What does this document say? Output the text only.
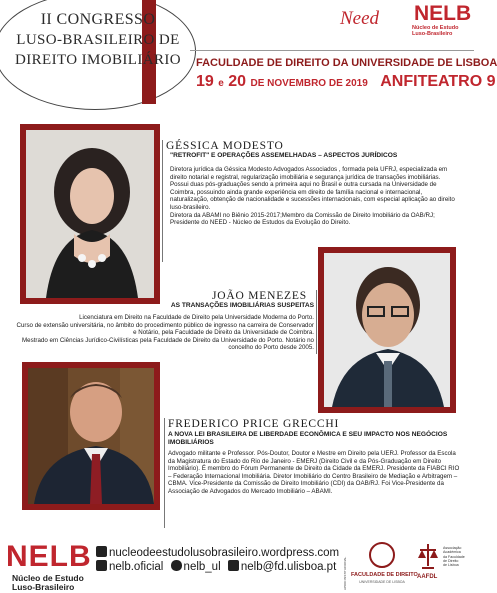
II CONGRESSO
LUSO-BRASILEIRO DE
DIREITO IMOBILIÁRIO
Need NELB
Núcleo de Estudo
Luso-Brasileiro
FACULDADE DE DIREITO DA UNIVERSIDADE DE LISBOA
19 e 20 DE NOVEMBRO DE 2019 ANFITEATRO 9
GÉSSICA MODESTO
"RETROFIT" E OPERAÇÕES ASSEMELHADAS – ASPECTOS JURÍDICOS

Diretora jurídica da Géssica Modesto Advogados Associados , formada pela UFRJ, especializada em direito notarial e registral, regularização imobiliária e segurança jurídica de transações imobiliárias.

Possui duas pós-graduações sendo a primeira aqui no Brasil e outra cursada na Universidade de Coimbra, possuindo ainda grande experiência em direito de família nacional e internacional, naturalização, obtenção de nacionalidade e sucessões internacionais, com especial aplicação ao direito luso-brasileiro.

Diretora da ABAMI no Biênio 2015-2017;Membro da Comissão de Direito Imobiliário da OAB/RJ; Presidente do NEED - Núcleo de Estudos da Evolução do Direito.

JOÃO MENEZES
AS TRANSAÇÕES IMOBILIÁRIAS SUSPEITAS

Licenciatura em Direito na Faculdade de Direito pela Universidade Moderna do Porto.

Curso de extensão universitária, no âmbito do procedimento público de ingresso na carreira de Conservador e Notário, pela Faculdade de Direito da Universidade de Coimbra.

Mestrado em Ciências Jurídico-Civilísticas pela Faculdade de Direito da Universidade do Porto. Notário no concelho do Porto desde 2005.

FREDERICO PRICE GRECCHI
A NOVA LEI BRASILEIRA DE LIBERDADE ECONÔMICA E SEU IMPACTO NOS NEGÓCIOS IMOBILIÁRIOS

Advogado militante e Professor. Pós-Doutor, Doutor e Mestre em Direito pela UERJ. Professor da Escola da Magistratura do Estado do Rio de Janeiro - EMERJ (Direito Civil e da Pós-Graduação em Direito Imobiliário). É membro do Fórum Permanente de Direito da Cidade da EMERJ. Presidente da FIABCI RIO – Federação Internacional Imobiliária. Diretor Imobiliário do Centro Brasileiro de Mediação e Arbitragem – CBMA. Vice-Presidente da Comissão de Direito Imobiliário (CDI) da OAB/RJ. Foi Vice-Presidente da Associação de Advogados do Mercado Imobiliário – ABAMI.

NELB
Núcleo de Estudo
Luso-Brasileiro
nucleodeestudolusobrasileiro.wordpress.com
nelb.oficial nelb_ul nelb@fd.ulisboa.pt APOIO INSTITUCIONAL FACULDADE DE DIREITO
UNIVERSIDADE DE LISBOA
AAFDL
Associação
Académica
da Faculdade
de Direito
de Lisboa
